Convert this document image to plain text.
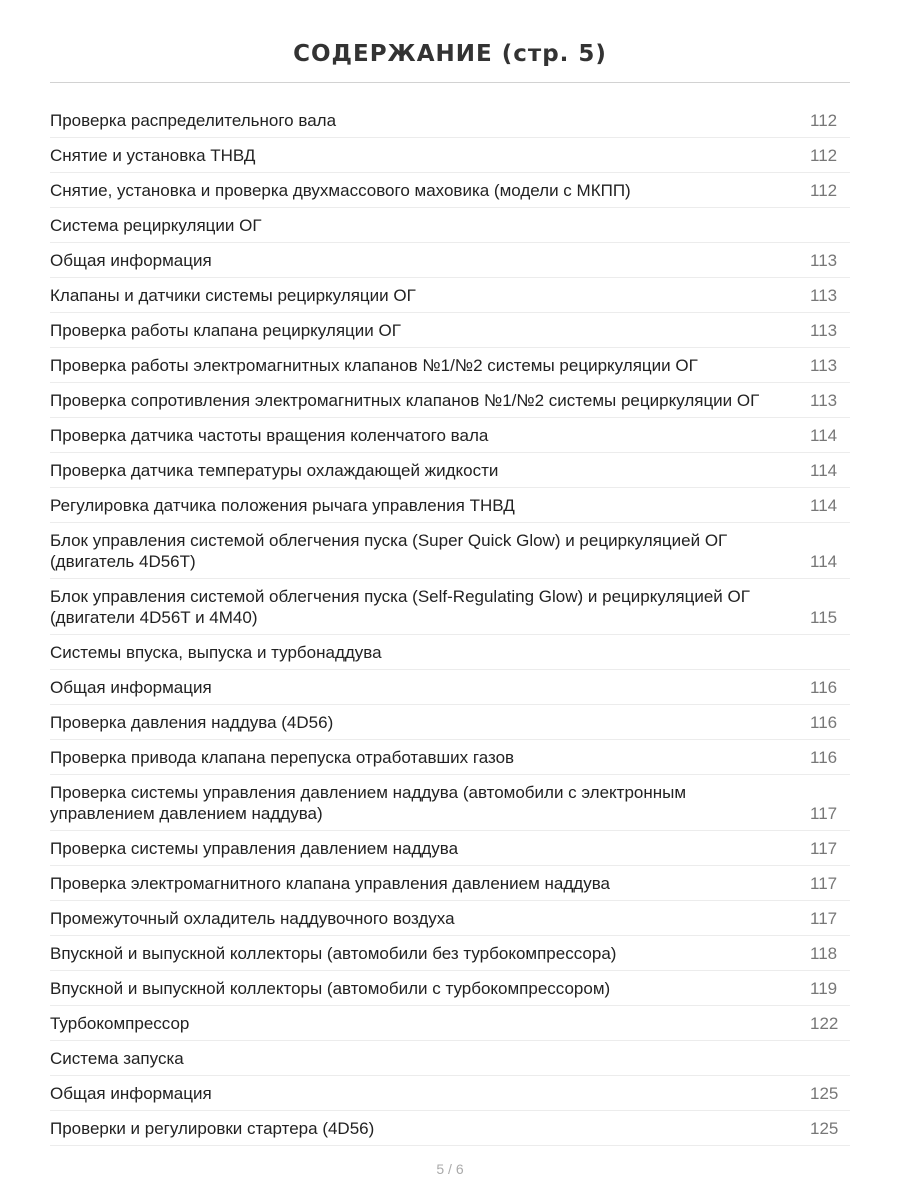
СОДЕРЖАНИЕ (стр. 5)
Проверка распределительного вала	112
Снятие и установка ТНВД	112
Снятие, установка и проверка двухмассового маховика (модели с МКПП)	112
Система рециркуляции ОГ
Общая информация	113
Клапаны и датчики системы рециркуляции ОГ	113
Проверка работы клапана рециркуляции ОГ	113
Проверка работы электромагнитных клапанов №1/№2 системы рециркуляции ОГ	113
Проверка сопротивления электромагнитных клапанов №1/№2 системы рециркуляции ОГ	113
Проверка датчика частоты вращения коленчатого вала	114
Проверка датчика температуры охлаждающей жидкости	114
Регулировка датчика положения рычага управления ТНВД	114
Блок управления системой облегчения пуска (Super Quick Glow) и рециркуляцией ОГ (двигатель 4D56T)	114
Блок управления системой облегчения пуска (Self-Regulating Glow) и рециркуляцией ОГ (двигатели 4D56T и 4M40)	115
Системы впуска, выпуска и турбонаддува
Общая информация	116
Проверка давления наддува (4D56)	116
Проверка привода клапана перепуска отработавших газов	116
Проверка системы управления давлением наддува (автомобили с электронным управлением давлением наддува)	117
Проверка системы управления давлением наддува	117
Проверка электромагнитного клапана управления давлением наддува	117
Промежуточный охладитель наддувочного воздуха	117
Впускной и выпускной коллекторы (автомобили без турбокомпрессора)	118
Впускной и выпускной коллекторы (автомобили с турбокомпрессором)	119
Турбокомпрессор	122
Система запуска
Общая информация	125
Проверки и регулировки стартера (4D56)	125
5 / 6
